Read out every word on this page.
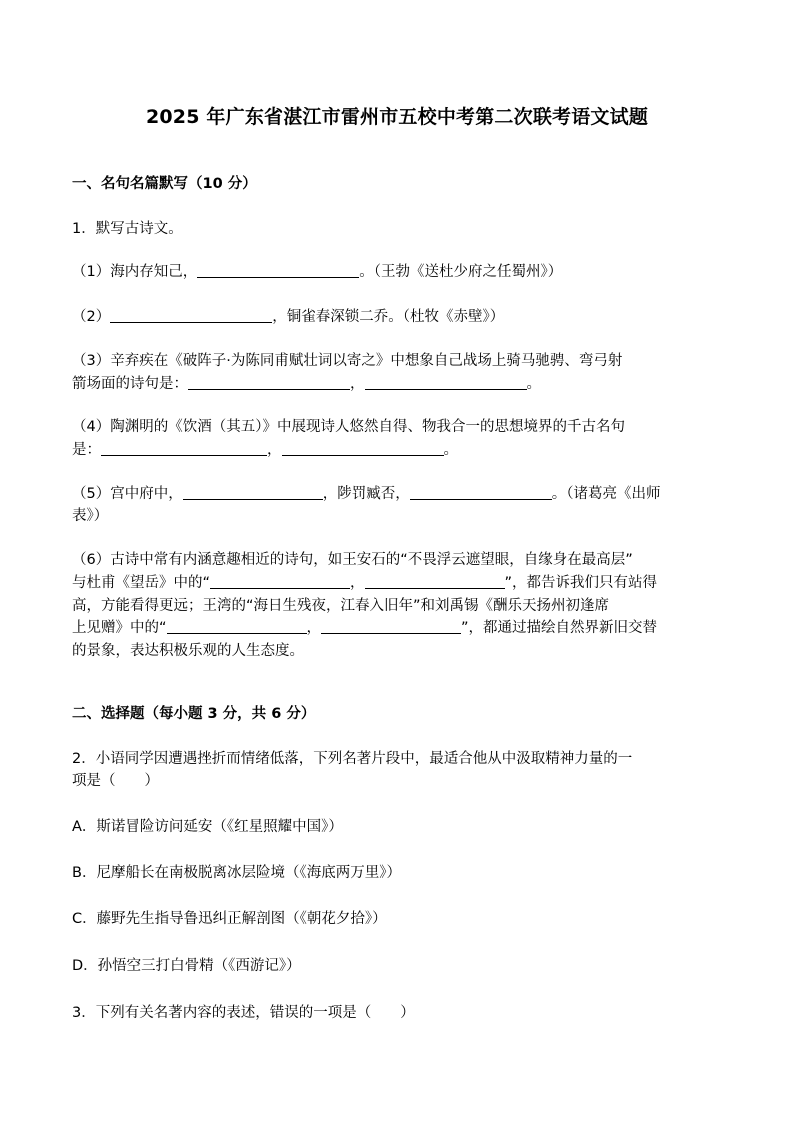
2025 年广东省湛江市雷州市五校中考第二次联考语文试题
一、名句名篇默写（10 分）
1．默写古诗文。
（1）海内存知己，	。（王勃《送杜少府之任蜀州》）
（2）	，铜雀春深锁二乔。（杜牧《赤壁》）
（3）辛弃疾在《破阵子·为陈同甫赋壮词以寄之》中想象自己战场上骑马驰骋、弯弓射
箭场面的诗句是：	，	。
（4）陶渊明的《饮酒（其五）》中展现诗人悠然自得、物我合一的思想境界的千古名句
是：	，	。
（5）宫中府中，	，陟罚臧否，	。（诸葛亮《出师
表》）
（6）古诗中常有内涵意趣相近的诗句，如王安石的“不畏浮云遮望眼，自缘身在最高层”
与杜甫《望岳》中的“	，	”，都告诉我们只有站得
高，方能看得更远；王湾的“海日生残夜，江春入旧年”和刘禹锡《酬乐天扬州初逢席
上见赠》中的“	，	”，都通过描绘自然界新旧交替
的景象，表达积极乐观的人生态度。
二、选择题（每小题 3 分，共 6 分）
2．小语同学因遭遇挫折而情绪低落，下列名著片段中，最适合他从中汲取精神力量的一
项是（　　）
A．斯诺冒险访问延安（《红星照耀中国》）
B．尼摩船长在南极脱离冰层险境（《海底两万里》）
C．藤野先生指导鲁迅纠正解剖图（《朝花夕拾》）
D．孙悟空三打白骨精（《西游记》）
3．下列有关名著内容的表述，错误的一项是（　　）
